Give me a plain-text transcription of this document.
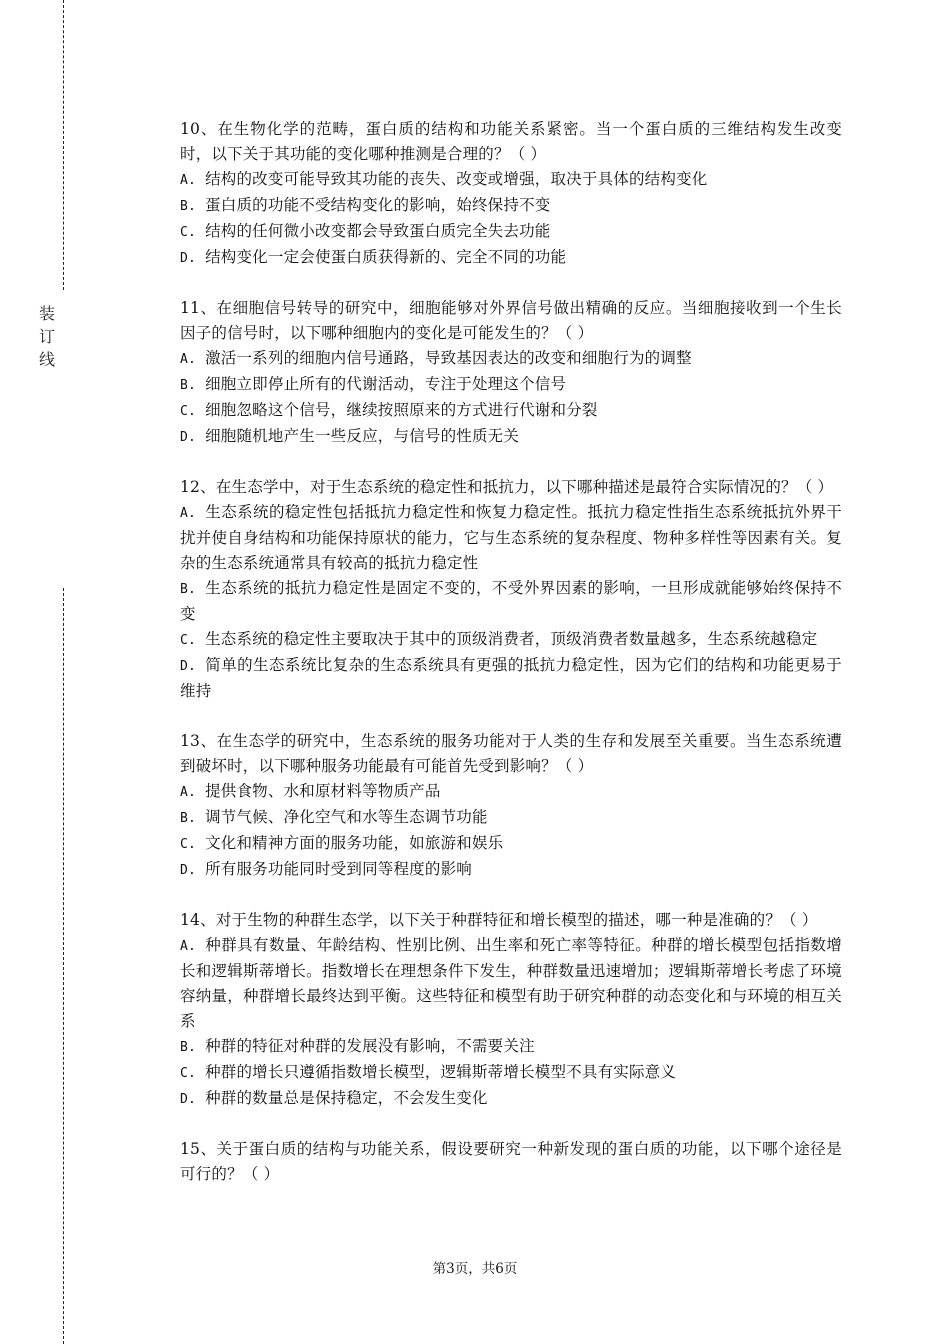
装
订
线

10、在生物化学的范畴，蛋白质的结构和功能关系紧密。当一个蛋白质的三维结构发生改变时，以下关于其功能的变化哪种推测是合理的？（ ）

A. 结构的改变可能导致其功能的丧失、改变或增强，取决于具体的结构变化

B. 蛋白质的功能不受结构变化的影响，始终保持不变

C. 结构的任何微小改变都会导致蛋白质完全失去功能

D. 结构变化一定会使蛋白质获得新的、完全不同的功能

11、在细胞信号转导的研究中，细胞能够对外界信号做出精确的反应。当细胞接收到一个生长因子的信号时，以下哪种细胞内的变化是可能发生的？（ ）

A. 激活一系列的细胞内信号通路，导致基因表达的改变和细胞行为的调整

B. 细胞立即停止所有的代谢活动，专注于处理这个信号

C. 细胞忽略这个信号，继续按照原来的方式进行代谢和分裂

D. 细胞随机地产生一些反应，与信号的性质无关

12、在生态学中，对于生态系统的稳定性和抵抗力，以下哪种描述是最符合实际情况的？（ ）

A. 生态系统的稳定性包括抵抗力稳定性和恢复力稳定性。抵抗力稳定性指生态系统抵抗外界干扰并使自身结构和功能保持原状的能力，它与生态系统的复杂程度、物种多样性等因素有关。复杂的生态系统通常具有较高的抵抗力稳定性

B. 生态系统的抵抗力稳定性是固定不变的，不受外界因素的影响，一旦形成就能够始终保持不变

C. 生态系统的稳定性主要取决于其中的顶级消费者，顶级消费者数量越多，生态系统越稳定

D. 简单的生态系统比复杂的生态系统具有更强的抵抗力稳定性，因为它们的结构和功能更易于维持

13、在生态学的研究中，生态系统的服务功能对于人类的生存和发展至关重要。当生态系统遭到破坏时，以下哪种服务功能最有可能首先受到影响？（ ）

A. 提供食物、水和原材料等物质产品

B. 调节气候、净化空气和水等生态调节功能

C. 文化和精神方面的服务功能，如旅游和娱乐

D. 所有服务功能同时受到同等程度的影响

14、对于生物的种群生态学，以下关于种群特征和增长模型的描述，哪一种是准确的？（ ）

A. 种群具有数量、年龄结构、性别比例、出生率和死亡率等特征。种群的增长模型包括指数增长和逻辑斯蒂增长。指数增长在理想条件下发生，种群数量迅速增加；逻辑斯蒂增长考虑了环境容纳量，种群增长最终达到平衡。这些特征和模型有助于研究种群的动态变化和与环境的相互关系

B. 种群的特征对种群的发展没有影响，不需要关注

C. 种群的增长只遵循指数增长模型，逻辑斯蒂增长模型不具有实际意义

D. 种群的数量总是保持稳定，不会发生变化

15、关于蛋白质的结构与功能关系，假设要研究一种新发现的蛋白质的功能，以下哪个途径是可行的？（ ）

第3页，共6页
